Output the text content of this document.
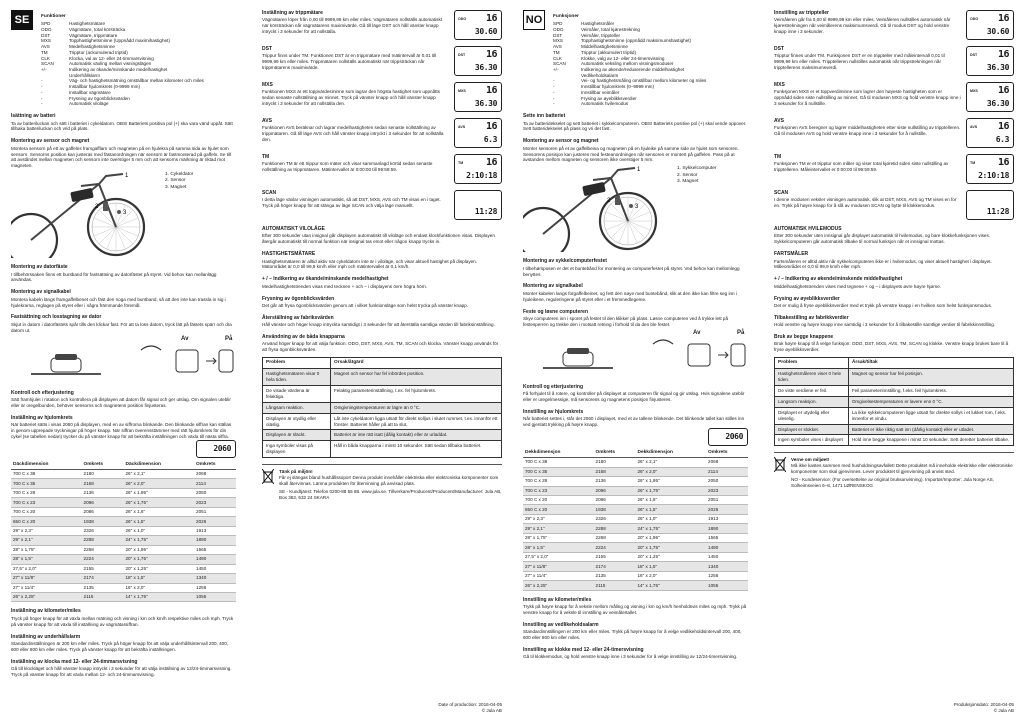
SE	Funktioner
SPD	Hastighetsmätare
ODO	Vägmätare, total körsträcka
DST	Vägmätare, trippmätare
MXS	Topphastighetsminne (Uppnådd maximihastighet)
AVS	Medelhastighetsminne
TM	Tripptur (ackumulerad triptid)
CLK	Klocka, val av 12- eller 24-timmarsvisning
SCAN	Automatisk växling mellan visningslägen
+/-	Indikering av ökande/minskande medelhastighet
	Underhållslarm
-	Väg- och hastighetsmätning omställbar mellan kilometer och miles
-	Installbar hjulomkrets (0-9999 mm)
-	Installbar vägmätare
-	Frysning av ögonblicksvärden
-	Automatisk viloläge
Isättning av batteri

Ta av batteriluckan och sätt i batteriet i cykeldatorn. OBS! Batteriets positiva pol (+) ska vara vänd uppåt. Sätt tillbaka batteriluckan och vrid på plats.

Montering av sensor och magnet

Montera sensorn på ett av gaffelns framgafflarn och magneten på en hjulekra på samma sida av hjulet som sensorn. Sensorns position kan justeras med fästanordningen när sensorn är fastmonterad på gaffeln. Se till att avståndet mellan magneten och sensorn inte överstiger 5 mm och att sensorns märkning är riktad mot magneten.

1
2
3
1. Cykeldator
2. Sensor
3. Magnet
Montering av datorfäste

I tillbehörssaken finns ett buntband för fastsättning av datorfästet på styret. Vid behov kan mellanlägg användas.

Montering av signalkabel

Montera kabeln längs framgaffelbenet och fäst den noga med buntband, så att den inte kan trassla in sig i hjulekrarna, reglagen på styret eller i några främmande föremål.

Fastsättning och losstagning av dator

Skjut in datorn i datorfästets spår tills den klickar fast. För att ta loss datorn, tryck lätt på fästets spärr och dra datorn ut.

Av	På
Kontroll och efterjustering

Sätt framhjulet i rotation och kontrollera på displayen att datorn får signal och ger utslag. Om signalen uteblir eller är oregelbunden, behöver sensorns och magnetens position finjusteras.

Inställning av hjulomkrets

När batteriet sätts i visas 2060 på displayen, med en av siffrorna blinkande. Den blinkande siffran kan ställas in genom upprepade tryckningar på höger knapp. När siffran överensstämmer med rätt hjulomkrets för din cykel (se tabellen nedan) trycker du på vänster knapp för att bekräfta inställningen och växla till nästa siffra.

2060
Däckdimension	Omkrets	Däckdimension	Omkrets
700 C x 38	2180	26" x 2,1"	2068
700 C x 35	2168	26" x 2,0"	2114
700 C x 28	2136	26" x 1,95"	2050
700 C x 23	2096	26" x 1,75"	2023
700 C x 20	2086	26" x 1,6"	2051
650 C x 20	1938	26" x 1,5"	2026
29" x 2,3"	2326	26" x 1,0"	1913
29" x 2,1"	2288	24" x 1,75"	1890
28" x 1,75"	2268	20" x 1,95"	1565
28" x 1,5"	2224	20" x 1,75"	1490
27,5" x 2,0"	2155	20" x 1,25"	1450
27" x 11/8"	2174	18" x 1,5"	1340
27" x 11/4"	2135	16" x 2,0"	1256
26" x 2,25"	2115	14" x 1,75"	1055
Inställning av kilometer/miles

Tryck på höger knapp för att växla mellan mätning och visning i km och km/h respektive miles och mph. Tryck på vänster knapp för att växla till inställning av vägmätarsiffran.

Inställning av underhållslarm

Standardinställningen är 200 km eller miles. Tryck på höger knapp för att välja underhållsintervall 200, 400, 600 eller 800 km eller miles. Tryck på vänster knapp för att bekräfta inställningen.

Inställning av klocka med 12- eller 24-timmarsvisning

Gå till klockläget och håll vänster knapp intryckt i 3 sekunder för att välja inställning av 12/24-timmarsvisning. Tryck på vänster knapp för att växla mellan 12- och 24-timmarsvisning.

Inställning av trippmätare

Vägmätaren löper från 0,00 till 9999,99 km eller miles. Vägmätaren nollställs automatiskt när körsträckan når vägmätarens maximivärde. Gå till läge DST och håll vänster knapp intryckt i 3 sekunder för att nollställa.

ODO 16
30.60
DST

Trippur finns under TM. Funktionen DST är en trippmätare med mätintervall är 0,01 till 9999,99 km eller miles. Trippmätaren nollställs automatiskt när trippsträckan når trippmätarens maximivärde.

DST 16
36.30
MXS

Funktionen MXS är ett toppvärdesminne som lagrar den högsta hastighet som uppnåtts sedan senaste nollställning av minnet. Tryck på vänster knapp och håll vänster knapp intryckt i 3 sekunder för att nollställa den.

MXS 16
36.30
AVS

Funktionen AVS beräknar och lagrar medelhastigheten sedan senaste nollställning av trippmätaren. Gå till läge AVS och håll vänster knapp intryckt i 3 sekunder för att nollställa den.

AVS 16
6.3
TM

Funktionen TM är ett trippur som mäter och visar sammanlagd körtid sedan senaste nollställning av trippmätaren. Mätintervallet är 0:00:00 till 99:59:59.

TM 16
2:10:18
SCAN

I detta läge växlar visningen automatiskt, så att DST, MXS, AVS och TM visas en i taget. Tryck på höger knapp för att stänga av läge SCAN och välja läge manuellt.

11:28
AUTOMATISKT VILOLÄGE

Efter 300 sekunder utan insignal går displayen automatiskt till viloläge och endast klockfunktionen visas. Displayen återgår automatiskt till normal funktion när insignal tas emot eller någon knapp trycks in.

HASTIGHETSMÄTARE

Hastighetsmätaren är alltid aktiv när cykeldatorn inte är i viloläge, och visar aktuell hastighet på displayen. Mätområdet är 0,0 till 99,9 km/h eller mph och mätintervallet är 0,1 km/h.

+ / – Indikering av ökande/minskande medelhastighet

Medelhastighetstrenden visas med tecknen + och – i displayens övre högra hörn.

Frysning av ögonblicksvärden

Det går att frysa ögonblicksvärden genom att i vilket funktionsläge som helst trycka på vänster knapp.

Återställning av fabriksvärden

Håll vänster och höger knapp intryckta samtidigt i 3 sekunder för att återställa samtliga värden till fabriksinställning.

Användning av de båda knapparna

Använd höger knapp för att välja funktion: ODO, DST, MXS, AVS, TM, SCAN och klocka. Vänster knapp används för att frysa ögonblicksvärden.

Problem	Orsak/åtgärd
Hastighetsmätaren visar 0 hela tiden.	Magnet och sensor har fel inbördes position.
De visade värdena är felaktiga.	Felaktig parameterinställning, t.ex. fel hjulomkrets.
Långsam reaktion.	Omgivningstemperaturen är lägre än 0 °C.
Displayen är otydlig eller oläslig.	Låt inte cykeldatorn ligga utsatt för direkt solljus i slutet rummet, t.ex. innanför ett fönster. Batteriet håller på att ta slut.
Displayen är släckt.	Batteriet är inte rätt isatt (dålig kontakt) eller är urladdat.
Inga symboler visas på displayen	Håll in båda knapparna i minst 10 sekunder. Sätt sedan tillbaka batteriet.
Tänk på miljön!
Får ej slängas bland hushållssopor! Denna produkt innehåller elektriska eller elektroniska komponenter som skall återvinnas. Lämna produkten för återvinning på anvisad plats.
SE - Kundtjänst: Telefon 0200-88 55 88. www.jula.se. Tillverkare/Producent/Producent/Manufacturer: Jula AB, Box 363, 532 24 SKARA
Date of production: 2016-04-05
© Jula AB
NO	Funksjoner
SPD	Hastighetsmåler
ODO	Veimåler, total kjørestrekning
DST	Veimåler, trippteller
MXS	Topphastighetsminne (oppnådd maksimumshastighet)
AVS	Middelhastighetsminne
TM	Tripptur (akkumulert triptid)
CLK	Klokke, valg av 12- eller 24-timersvisning
SCAN	Automatisk veksling mellom visningsmoduser
+/-	Indikering av økende/reduserende middelhastighet
	Vedlikeholdsalarm
-	Vei- og hastighetsmåling omstillbar mellom kilometer og miles
-	Innstillbar hjulomkrets (0–9999 mm)
-	Innstillbar veimåler
-	Frysing av øyeblikksverdier
-	Automatisk hvilemodus
Sette inn batteriet

Ta av batteridekselet og sett batteriet i sykkelcomputeren. OBS! Batteriets positive pol (+) skal vende oppover. Sett batteridekselet på plass og vri det fast.

Montering av sensor og magnet

Monter sensoren på et av gaffelbeina og magneten på en hjuleike på samme side av hjulet som sensoren. Sensorens posisjon kan justeres med festeanordningen når sensoren er montert på gaffelen. Pass på at avstanden mellom magneten og sensoren ikke overstiger 5 mm.

1
2
3
1. Sykkelcomputer
2. Sensor
3. Magnet
Montering av sykkelcomputerfestet

I tilbehørsposen er det et buntebånd for montering av computerfestet på styret. Ved behov kan mellomlegg benyttes.

Montering av signalkabel

Monter kabelen langs forgaffelbeinet, og fest den nøye med buntebånd, slik at den ikke kan filtre seg inn i hjuleikene, reguleringene på styret eller i et fremmedlegeme.

Feste og løsne computeren

Skyv computeren inn i sporet på festet til den klikker på plass. Løsne computeren ved å trykke lett på festesperren og trekke den i motsatt retning i forhold til da den ble festet.

Av	På
Kontroll og etterjustering

Få forhjulet til å rotere, og kontroller på displayet at computeren får signal og gir utslag. Hvis signalene uteblir eller er uregelmessige, må sensorens og magnetens posisjon finjusteres.

Innstilling av hjulomkrets

Når batteriet settes i, står det 2060 i displayet, med et av tallene blinkende. Det blinkende tallet kan stilles inn ved gjentatt trykking på høyre knapp.

2060
Dekkdimensjon	Omkrets	Dekkdimensjon	Omkrets
700 C x 38	2180	26" x 2,1"	2068
700 C x 35	2168	26" x 2,0"	2114
700 C x 28	2136	26" x 1,95"	2050
700 C x 23	2096	26" x 1,75"	2023
700 C x 20	2086	26" x 1,6"	2051
650 C x 20	1938	26" x 1,5"	2026
29" x 2,3"	2326	26" x 1,0"	1913
29" x 2,1"	2288	24" x 1,75"	1890
28" x 1,75"	2268	20" x 1,95"	1565
28" x 1,5"	2224	20" x 1,75"	1490
27,5" x 2,0"	2155	20" x 1,25"	1450
27" x 11/8"	2174	18" x 1,5"	1340
27" x 11/4"	2135	16" x 2,0"	1256
26" x 2,25"	2115	14" x 1,75"	1055
Innstilling av kilometer/miles

Trykk på høyre knapp for å veksle mellom måling og visning i km og km/h henholdsvis miles og mph. Trykk på venstre knapp for å veksle til innstilling av veimålertallet.

Innstilling av vedlikeholdsalarm

Standardinnstillingen er 200 km eller miles. Trykk på høyre knapp for å velge vedlikeholdsintervall 200, 400, 600 eller 800 km eller miles.

Innstilling av klokke med 12- eller 24-timersvisning

Gå til klokkemodus, og hold venstre knapp inne i 3 sekunder for å velge innstilling av 12/24-timersvisning.

Innstilling av trippteller

Veimåleren går fra 0,00 til 9999,99 km eller miles. Veimåleren nullstilles automatisk når kjørestrekningen når veimålerens maksimumsverdi. Gå til modus DST og hold venstre knapp inne i 3 sekunder.

ODO 16
30.60
DST

Tripptur finnes under TM. Funksjonen DST er en trippteller med måleintervall 0,01 til 9999,99 km eller miles. Tripptelleren nullstilles automatisk når trippstrekningen når tripptellerens maksimumsverdi.

DST 16
36.30
MXS

Funksjonen MXS er et toppverdiminne som lagrer den høyeste hastigheten som er oppnådd siden siste nullstilling av minnet. Gå til modusen MXS og hold venstre knapp inne i 3 sekunder for å nullstille.

MXS 16
36.30
AVS

Funksjonen AVS beregner og lagrer middelhastigheten etter siste nullstilling av tripptelleren. Gå til modusen AVS og hold venstre knapp inne i 3 sekunder for å nullstille.

AVS 16
6.3
TM

Funksjonen TM er et tripptur som måler og viser total kjøretid siden siste nullstilling av tripptelleren. Måleintervallet er 0:00:00 til 99:59:59.

TM 16
2:10:18
SCAN

I denne modusen veksler visningen automatisk, slik at DST, MXS, AVS og TM vises en for en. Trykk på høyre knapp for å slå av modusen SCAN og bytte til klokkemodus.

11:28
AUTOMATISK HVILEMODUS

Etter 300 sekunder uten innsignal går displayet automatisk til hvilemodus, og bare klokkefunksjonen vises. Sykkelcomputeren går automatisk tilbake til normal funksjon når et innsignal mottas.

FARTSMÅLER

Fartsmåleren er alltid aktiv når sykkelcomputeren ikke er i hvilemodus, og viser aktuell hastighet i displayet. Måleområdet er 0,0 til 99,9 km/h eller mph.

+ / – Indikering av økende/minskende middelhastighet

Middelhastighetstrenden vises med tegnene + og – i displayets øvre høyre hjørne.

Frysing av øyeblikksverdier

Det er mulig å fryse øyeblikksverdier med et trykk på venstre knapp i en hvilken som helst funksjonsmodus.

Tilbakestilling av fabrikkverdier

Hold venstre og høyre knapp inne samtidig i 3 sekunder for å tilbakestille samtlige verdier til fabrikkinnstilling.

Bruk av begge knappene

Bruk høyre knapp til å velge funksjon: ODO, DST, MXS, AVS, TM, SCAN og klokke. Venstre knapp brukes bare til å fryse øyeblikksverdier.

Problem	Årsak/tiltak
Hastighetsmåleren viser 0 hele tiden.	Magnet og sensor har feil posisjon.
De viste verdiene er feil.	Feil parameterinnstilling, f.eks. feil hjulomkrets.
Langsom reaksjon.	Omgivelsestemperaturen er lavere enn 0 °C.
Displayet er utydelig eller uleselig.	La ikke sykkelcomputeren ligge utsatt for direkte sollys i et lukket rom, f.eks. innenfor et vindu.
Displayet er slokket.	Batteriet er ikke riktig satt inn (dårlig kontakt) eller er utladet.
Ingen symboler vises i displayet	Hold inne begge knappene i minst 10 sekunder. Sett deretter batteriet tilbake.
Verne om miljøet!
Må ikke kastes sammen med husholdningsavfallet! Dette produktet må inneholde elektriske eller elektroniske komponenter som skal gjenvinnes. Lever produktet til gjenvinning på anvist sted.
NO - Kundeservice: (For oversettelse av original bruksanvisning). Importør/Importer: Jula Norge AS, Solheimsveien 6–8, 1471 LØRENSKOG
Produksjonsdato: 2016-04-05
© Jula AB
